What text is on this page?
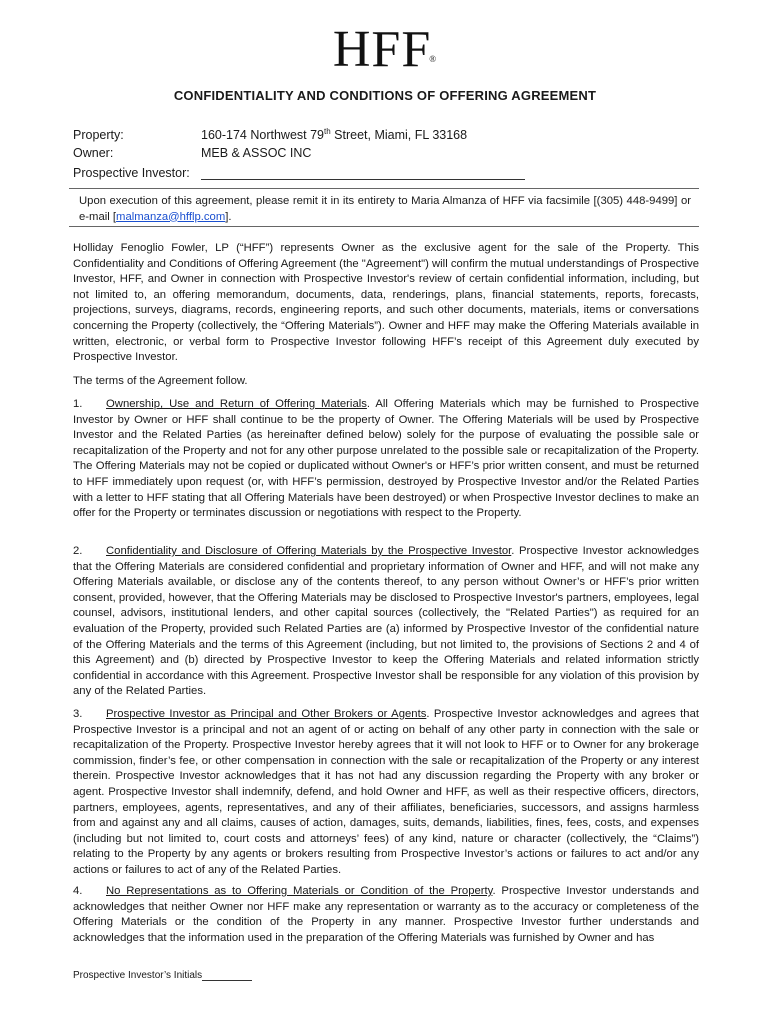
HFF®
CONFIDENTIALITY AND CONDITIONS OF OFFERING AGREEMENT
Property:	160-174 Northwest 79th Street, Miami, FL 33168
Owner:	MEB & ASSOC INC
Prospective Investor:
Upon execution of this agreement, please remit it in its entirety to Maria Almanza of HFF via facsimile [(305) 448-9499] or e-mail [malmanza@hfflp.com].

Holliday Fenoglio Fowler, LP (“HFF”) represents Owner as the exclusive agent for the sale of the Property. This Confidentiality and Conditions of Offering Agreement (the "Agreement") will confirm the mutual understandings of Prospective Investor, HFF, and Owner in connection with Prospective Investor's review of certain confidential information, including, but not limited to, an offering memorandum, documents, data, renderings, plans, financial statements, reports, forecasts, projections, surveys, diagrams, records, engineering reports, and such other documents, materials, items or conversations concerning the Property (collectively, the “Offering Materials”). Owner and HFF may make the Offering Materials available in written, electronic, or verbal form to Prospective Investor following HFF’s receipt of this Agreement duly executed by Prospective Investor.

The terms of the Agreement follow.

1. Ownership, Use and Return of Offering Materials. All Offering Materials which may be furnished to Prospective Investor by Owner or HFF shall continue to be the property of Owner. The Offering Materials will be used by Prospective Investor and the Related Parties (as hereinafter defined below) solely for the purpose of evaluating the possible sale or recapitalization of the Property and not for any other purpose unrelated to the possible sale or recapitalization of the Property. The Offering Materials may not be copied or duplicated without Owner's or HFF’s prior written consent, and must be returned to HFF immediately upon request (or, with HFF’s permission, destroyed by Prospective Investor and/or the Related Parties with a letter to HFF stating that all Offering Materials have been destroyed) or when Prospective Investor declines to make an offer for the Property or terminates discussion or negotiations with respect to the Property.

2. Confidentiality and Disclosure of Offering Materials by the Prospective Investor. Prospective Investor acknowledges that the Offering Materials are considered confidential and proprietary information of Owner and HFF, and will not make any Offering Materials available, or disclose any of the contents thereof, to any person without Owner’s or HFF’s prior written consent, provided, however, that the Offering Materials may be disclosed to Prospective Investor's partners, employees, legal counsel, advisors, institutional lenders, and other capital sources (collectively, the "Related Parties") as required for an evaluation of the Property, provided such Related Parties are (a) informed by Prospective Investor of the confidential nature of the Offering Materials and the terms of this Agreement (including, but not limited to, the provisions of Sections 2 and 4 of this Agreement) and (b) directed by Prospective Investor to keep the Offering Materials and related information strictly confidential in accordance with this Agreement. Prospective Investor shall be responsible for any violation of this provision by any of the Related Parties.

3. Prospective Investor as Principal and Other Brokers or Agents. Prospective Investor acknowledges and agrees that Prospective Investor is a principal and not an agent of or acting on behalf of any other party in connection with the sale or recapitalization of the Property. Prospective Investor hereby agrees that it will not look to HFF or to Owner for any brokerage commission, finder’s fee, or other compensation in connection with the sale or recapitalization of the Property or any interest therein. Prospective Investor acknowledges that it has not had any discussion regarding the Property with any broker or agent. Prospective Investor shall indemnify, defend, and hold Owner and HFF, as well as their respective officers, directors, partners, employees, agents, representatives, and any of their affiliates, beneficiaries, successors, and assigns harmless from and against any and all claims, causes of action, damages, suits, demands, liabilities, fines, fees, costs, and expenses (including but not limited to, court costs and attorneys’ fees) of any kind, nature or character (collectively, the “Claims”) relating to the Property by any agents or brokers resulting from Prospective Investor’s actions or failures to act and/or any actions or failures to act of any of the Related Parties.

4. No Representations as to Offering Materials or Condition of the Property. Prospective Investor understands and acknowledges that neither Owner nor HFF make any representation or warranty as to the accuracy or completeness of the Offering Materials or the condition of the Property in any manner. Prospective Investor further understands and acknowledges that the information used in the preparation of the Offering Materials was furnished by Owner and has

Prospective Investor’s Initials
